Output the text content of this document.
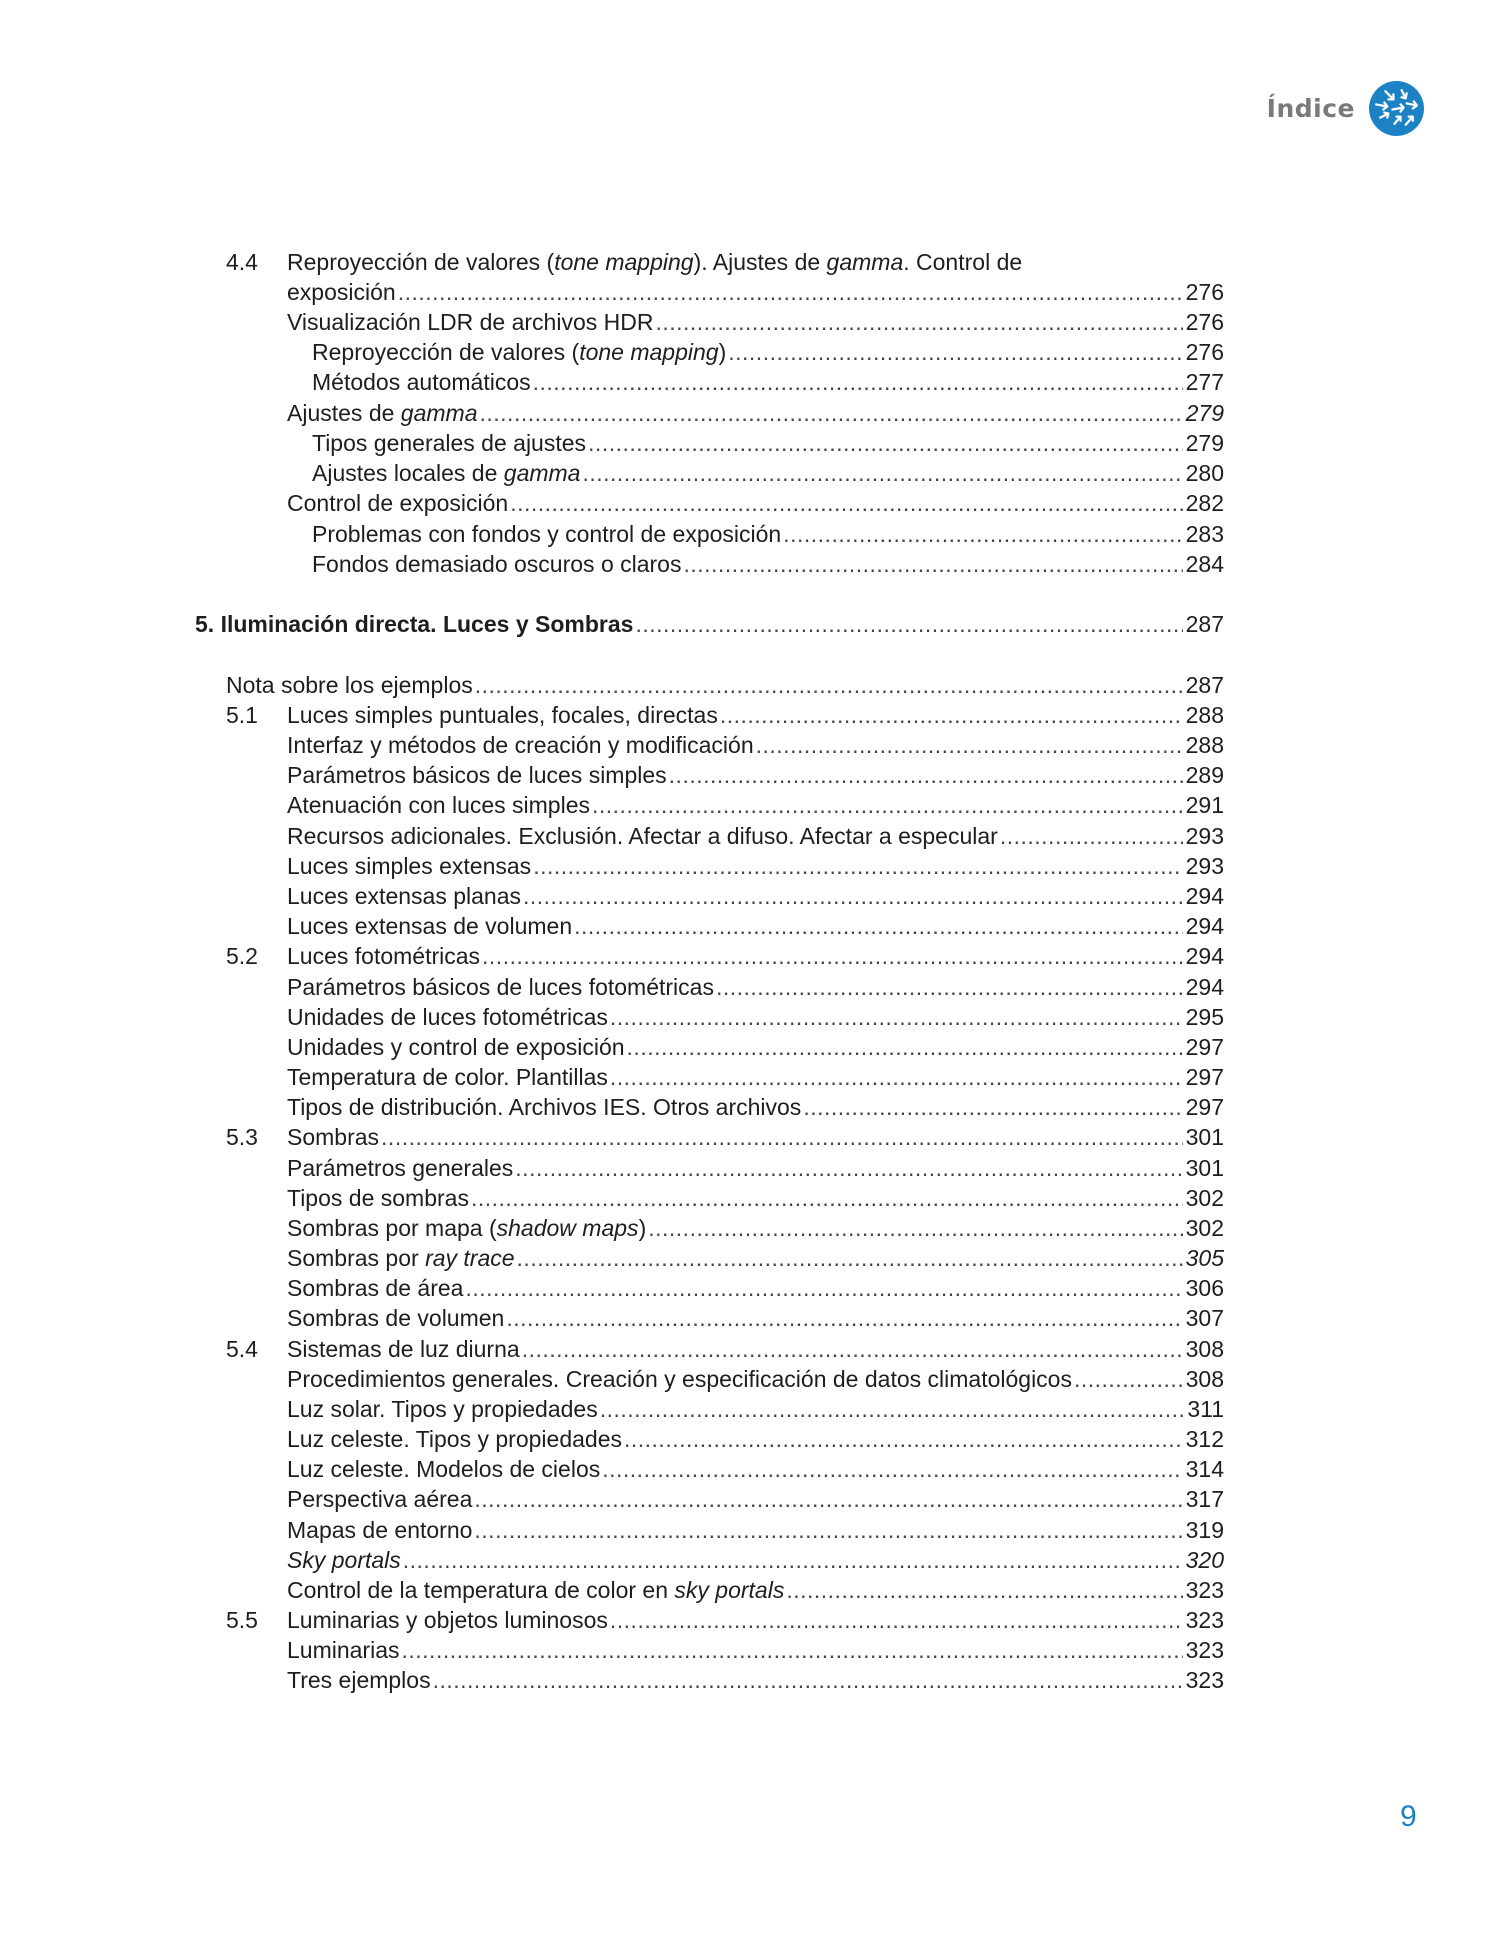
Índice
4.4 Reproyección de valores (tone mapping). Ajustes de gamma. Control de
exposición .....	276
Visualización LDR de archivos HDR .....	276
Reproyección de valores (tone mapping) .....	276
Métodos automáticos .....	277
Ajustes de gamma .....	279
Tipos generales de ajustes .....	279
Ajustes locales de gamma .....	280
Control de exposición .....	282
Problemas con fondos y control de exposición .....	283
Fondos demasiado oscuros o claros .....	284
5. Iluminación directa. Luces y Sombras .....	287
Nota sobre los ejemplos .....	287
5.1 Luces simples puntuales, focales, directas .....	288
Interfaz y métodos de creación y modificación .....	288
Parámetros básicos de luces simples .....	289
Atenuación con luces simples .....	291
Recursos adicionales. Exclusión. Afectar a difuso. Afectar a especular .....	293
Luces simples extensas .....	293
Luces extensas planas .....	294
Luces extensas de volumen .....	294
5.2 Luces fotométricas .....	294
Parámetros básicos de luces fotométricas .....	294
Unidades de luces fotométricas .....	295
Unidades y control de exposición .....	297
Temperatura de color. Plantillas .....	297
Tipos de distribución. Archivos IES. Otros archivos .....	297
5.3 Sombras .....	301
Parámetros generales .....	301
Tipos de sombras .....	302
Sombras por mapa (shadow maps) .....	302
Sombras por ray trace .....	305
Sombras de área .....	306
Sombras de volumen .....	307
5.4 Sistemas de luz diurna .....	308
Procedimientos generales. Creación y especificación de datos climatológicos .....	308
Luz solar. Tipos y propiedades .....	311
Luz celeste. Tipos y propiedades .....	312
Luz celeste. Modelos de cielos .....	314
Perspectiva aérea .....	317
Mapas de entorno .....	319
Sky portals .....	320
Control de la temperatura de color en sky portals .....	323
5.5 Luminarias y objetos luminosos .....	323
Luminarias .....	323
Tres ejemplos .....	323
9
